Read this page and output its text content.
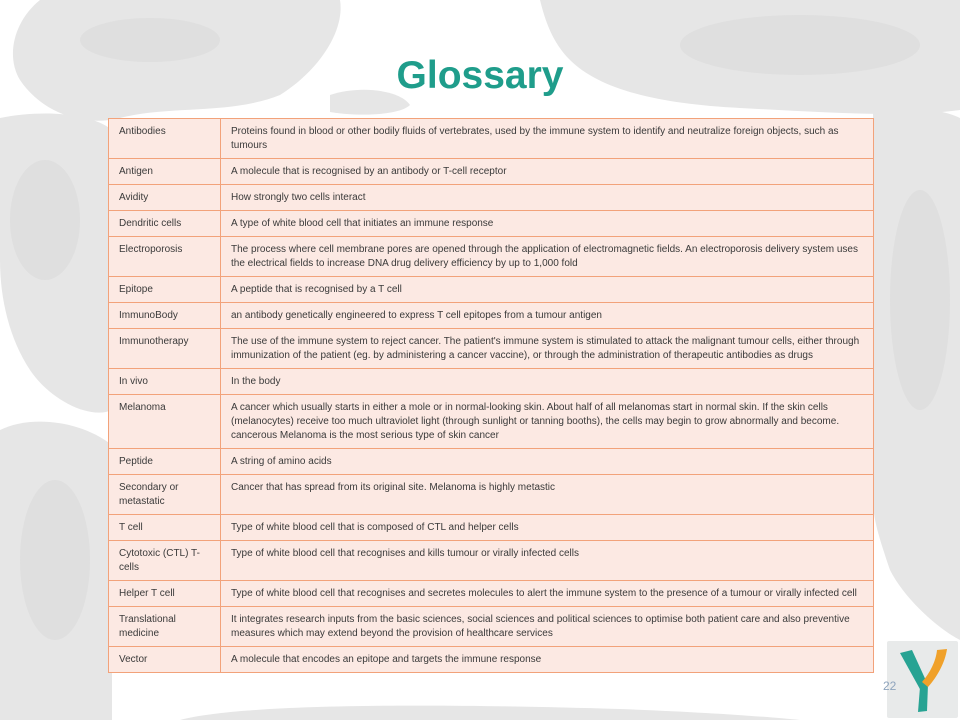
Glossary
Antibodies	Proteins found in blood or other bodily fluids of vertebrates, used by the immune system to identify and neutralize foreign objects, such as tumours
Antigen	A molecule that is recognised by an antibody or T-cell receptor
Avidity	How strongly two cells interact
Dendritic cells	A type of white blood cell that initiates an immune response
Electroporosis	The process where cell membrane pores are opened through the application of electromagnetic fields. An electroporosis delivery system uses the electrical fields to increase DNA drug delivery efficiency by up to 1,000 fold
Epitope	A peptide that is recognised by a T cell
ImmunoBody	an antibody genetically engineered to express T cell epitopes from a tumour antigen
Immunotherapy	The use of the immune system to reject cancer. The patient's immune system is stimulated to attack the malignant tumour cells, either through immunization of the patient (eg. by administering a cancer vaccine), or through the administration of therapeutic antibodies as drugs
In vivo	In the body
Melanoma	A cancer which usually starts in either a mole or in normal-looking skin. About half of all melanomas start in normal skin. If the skin cells (melanocytes) receive too much ultraviolet light (through sunlight or tanning booths), the cells may begin to grow abnormally and become. cancerous Melanoma is the most serious type of skin cancer
Peptide	A string of amino acids
Secondary or metastatic	Cancer that has spread from its original site. Melanoma is highly metastic
T cell	Type of white blood cell that is composed of CTL and helper cells
Cytotoxic (CTL) T-cells	Type of white blood cell that recognises and kills tumour or virally infected cells
Helper T cell	Type of white blood cell that recognises and secretes molecules to alert the immune system to the presence of a tumour or virally infected cell
Translational medicine	It integrates research inputs from the basic sciences, social sciences and political sciences to optimise both patient care and also preventive measures which may extend beyond the provision of healthcare services
Vector	A molecule that encodes an epitope and targets the immune response
22
